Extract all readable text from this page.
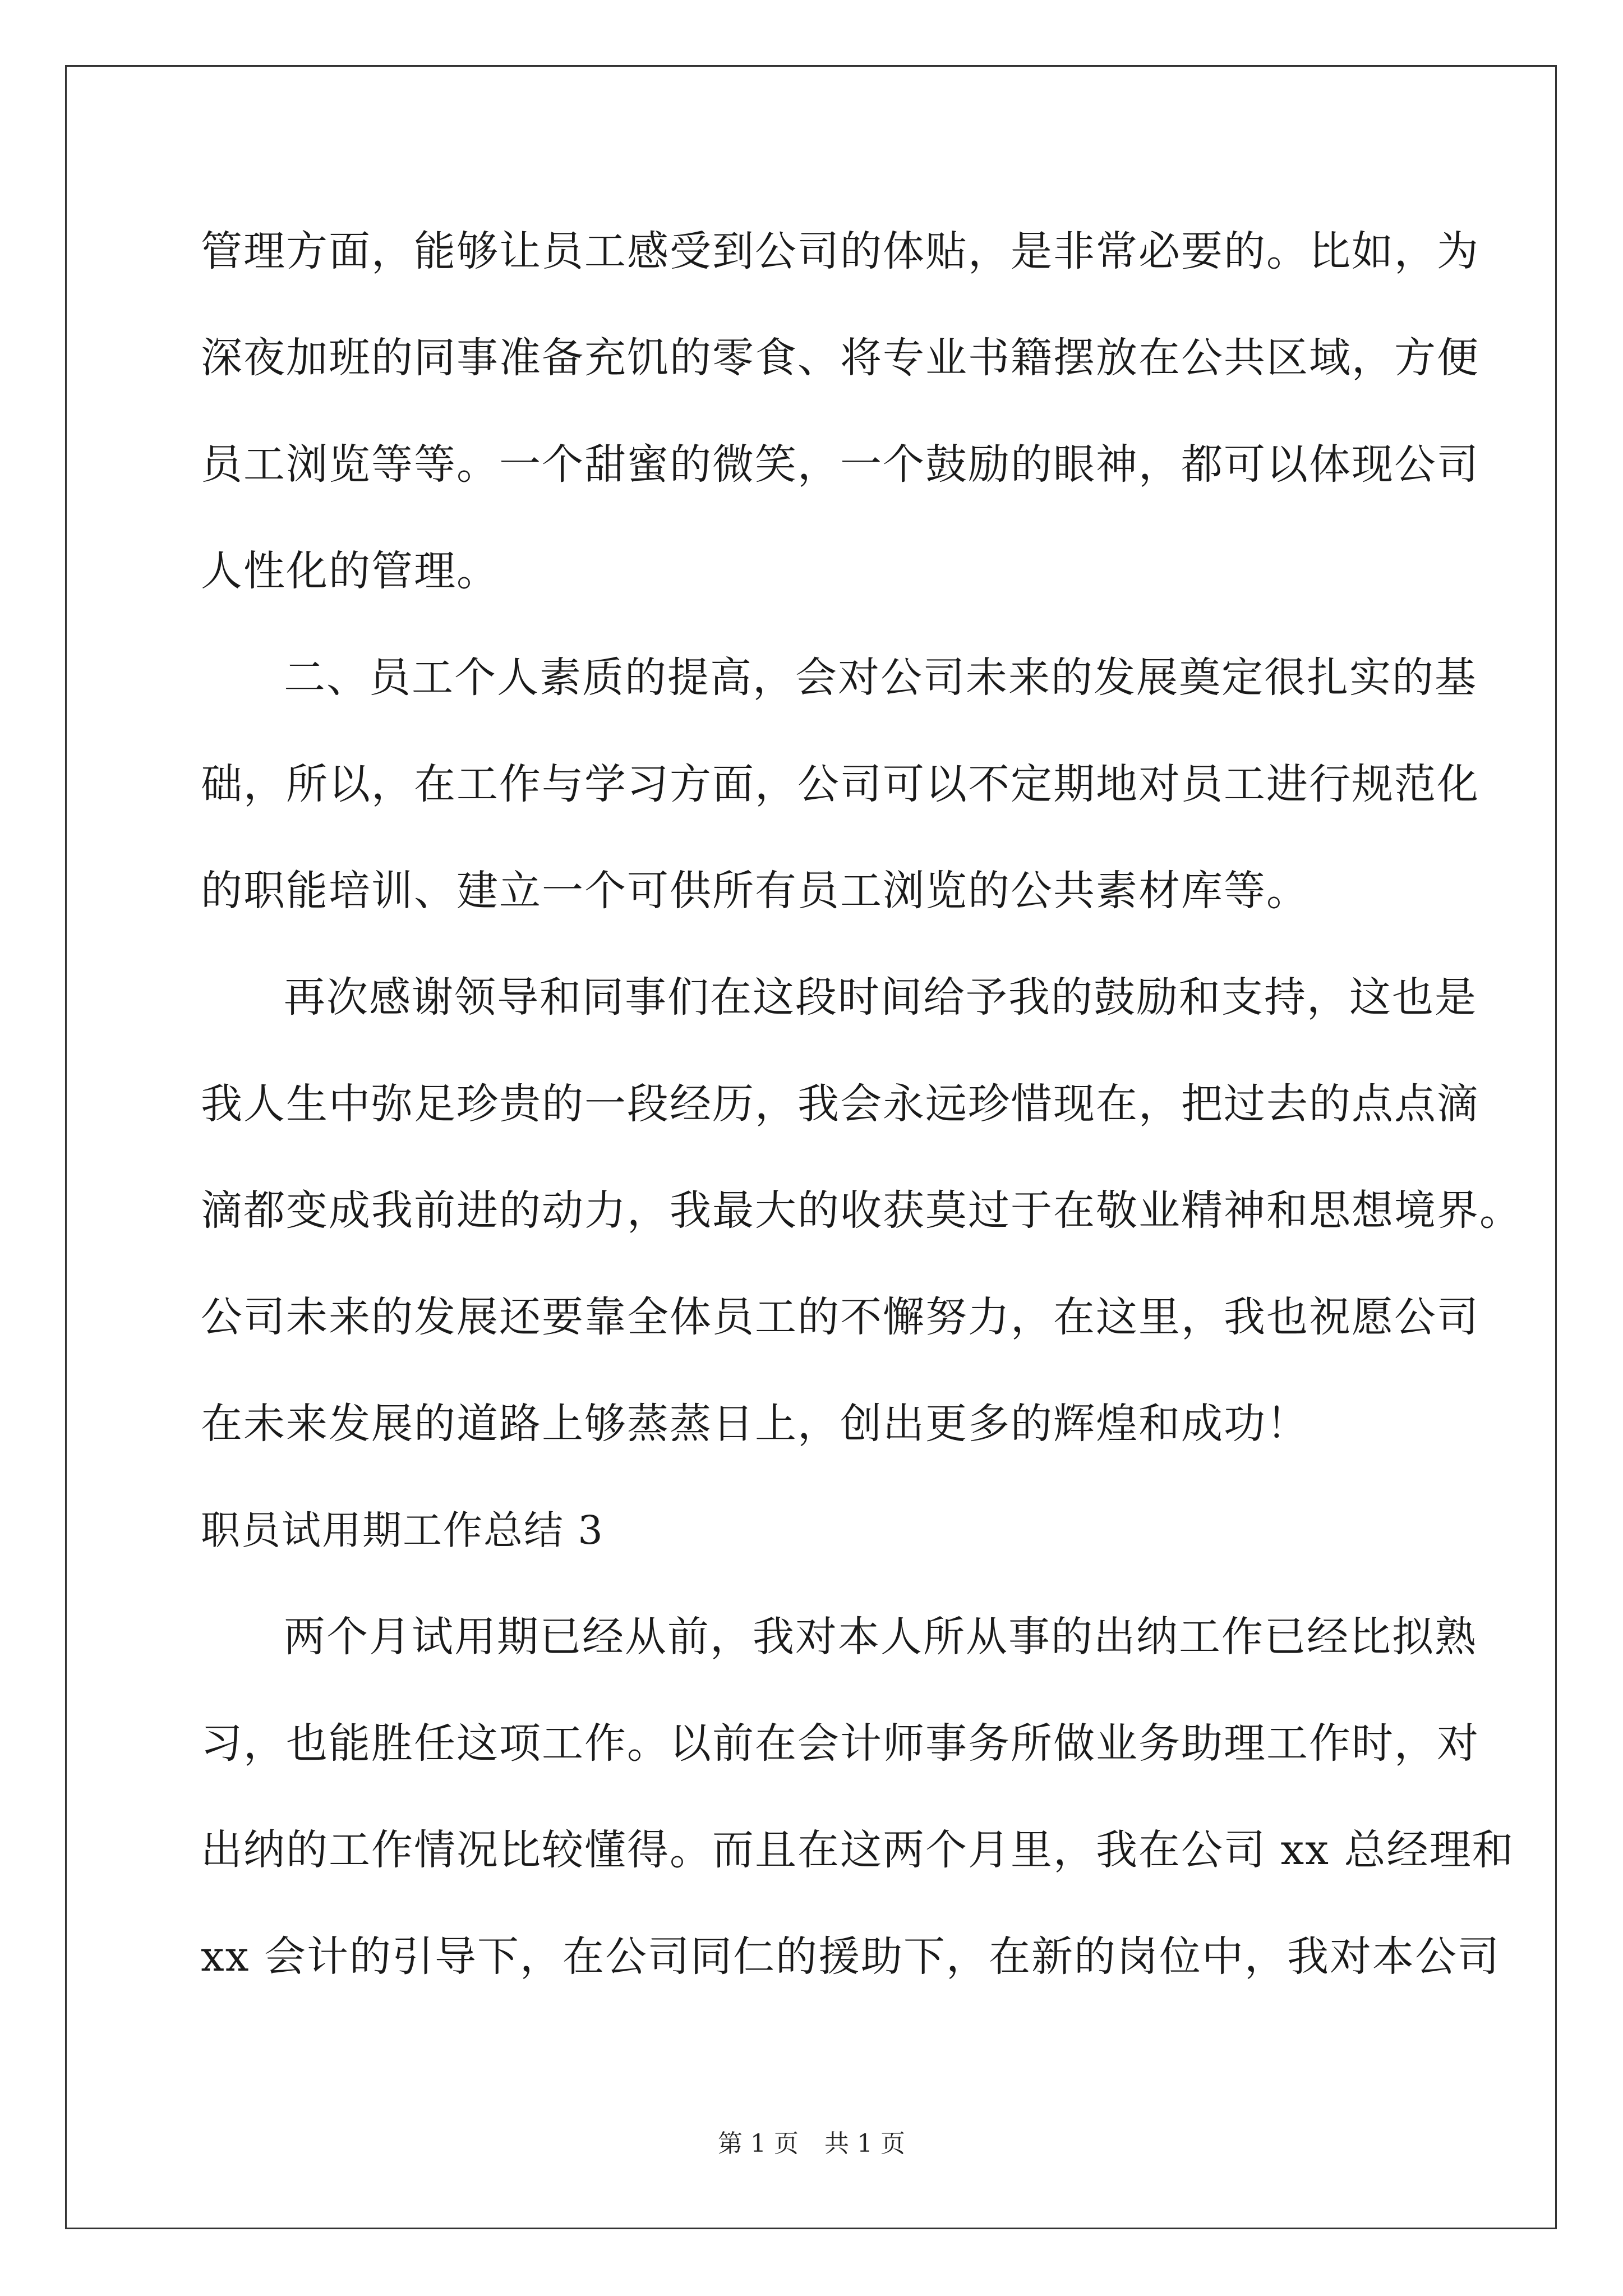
管理方面，能够让员工感受到公司的体贴，是非常必要的。比如，为
深夜加班的同事准备充饥的零食、将专业书籍摆放在公共区域，方便
员工浏览等等。一个甜蜜的微笑，一个鼓励的眼神，都可以体现公司
人性化的管理。
二、员工个人素质的提高，会对公司未来的发展奠定很扎实的基
础，所以，在工作与学习方面，公司可以不定期地对员工进行规范化
的职能培训、建立一个可供所有员工浏览的公共素材库等。
再次感谢领导和同事们在这段时间给予我的鼓励和支持，这也是
我人生中弥足珍贵的一段经历，我会永远珍惜现在，把过去的点点滴
滴都变成我前进的动力，我最大的收获莫过于在敬业精神和思想境界。
公司未来的发展还要靠全体员工的不懈努力，在这里，我也祝愿公司
在未来发展的道路上够蒸蒸日上，创出更多的辉煌和成功！
职员试用期工作总结 3
两个月试用期已经从前，我对本人所从事的出纳工作已经比拟熟
习，也能胜任这项工作。以前在会计师事务所做业务助理工作时，对
出纳的工作情况比较懂得。而且在这两个月里，我在公司 xx 总经理和
xx 会计的引导下，在公司同仁的援助下，在新的岗位中，我对本公司
第 1 页 共 1 页
